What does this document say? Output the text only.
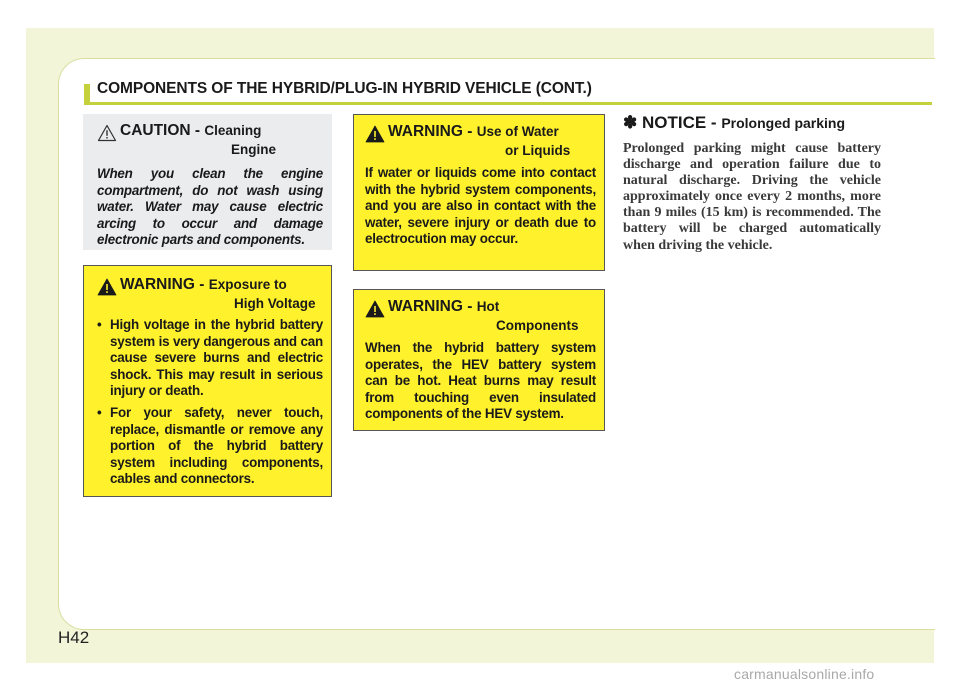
COMPONENTS OF THE HYBRID/PLUG-IN HYBRID VEHICLE (CONT.)
CAUTION - Cleaning
Engine
When you clean the engine compartment, do not wash using water. Water may cause electric arcing to occur and damage electronic parts and components.
WARNING - Exposure to
High Voltage
• High voltage in the hybrid battery system is very dangerous and can cause severe burns and electric shock. This may result in serious injury or death.
• For your safety, never touch, replace, dismantle or remove any portion of the hybrid battery system including components, cables and connectors.
WARNING - Use of Water
or Liquids
If water or liquids come into contact with the hybrid system components, and you are also in contact with the water, severe injury or death due to electrocution may occur.
WARNING - Hot
Components
When the hybrid battery system operates, the HEV battery system can be hot. Heat burns may result from touching even insulated components of the HEV system.
✽ NOTICE - Prolonged parking
Prolonged parking might cause battery discharge and operation failure due to natural discharge. Driving the vehicle approximately once every 2 months, more than 9 miles (15 km) is recommended. The battery will be charged automatically when driving the vehicle.
H42
carmanualsonline.info
